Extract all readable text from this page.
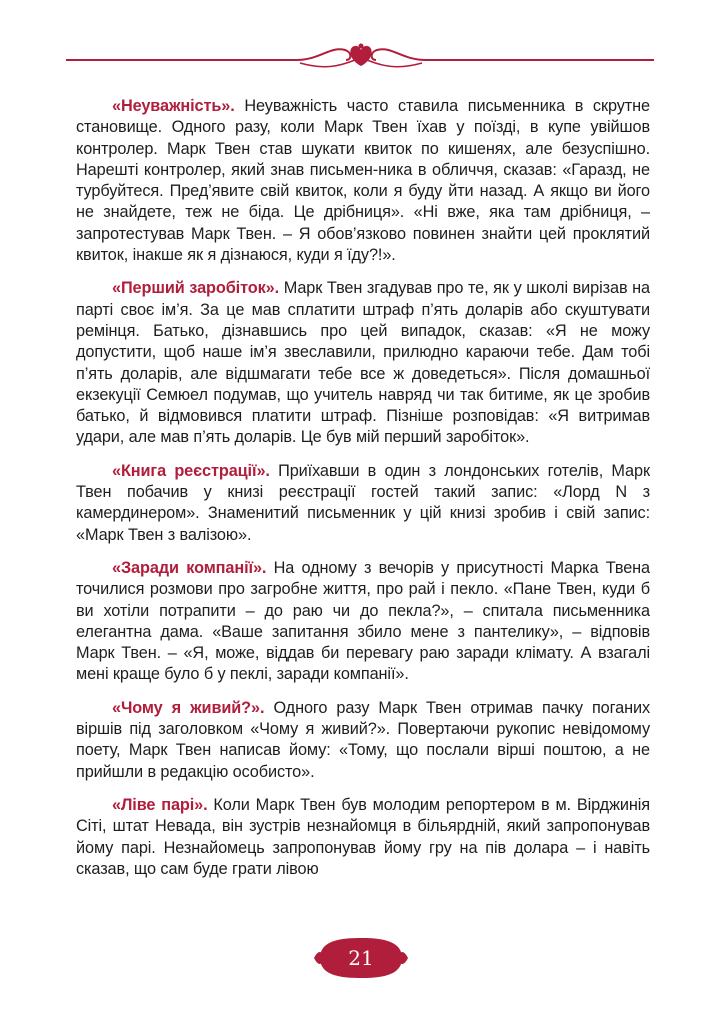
«Неуважність». Неуважність часто ставила письменника в скрутне становище. Одного разу, коли Марк Твен їхав у поїзді, в купе увійшов контролер. Марк Твен став шукати квиток по кишенях, але безуспішно. Нарешті контролер, який знав письмен-ника в обличчя, сказав: «Гаразд, не турбуйтеся. Пред’явите свій квиток, коли я буду йти назад. А якщо ви його не знайдете, теж не біда. Це дрібниця». «Ні вже, яка там дрібниця, – запротестував Марк Твен. – Я обов’язково повинен знайти цей проклятий квиток, інакше як я дізнаюся, куди я їду?!».

«Перший заробіток». Марк Твен згадував про те, як у школі вирізав на парті своє ім’я. За це мав сплатити штраф п’ять доларів або скуштувати ремінця. Батько, дізнавшись про цей випадок, сказав: «Я не можу допустити, щоб наше ім’я звеславили, прилюдно караючи тебе. Дам тобі п’ять доларів, але відшмагати тебе все ж доведеться». Після домашньої екзекуції Семюел подумав, що учитель навряд чи так битиме, як це зробив батько, й відмовився платити штраф. Пізніше розповідав: «Я витримав удари, але мав п’ять доларів. Це був мій перший заробіток».

«Книга реєстрації». Приїхавши в один з лондонських готелів, Марк Твен побачив у книзі реєстрації гостей такий запис: «Лорд N з камердинером». Знаменитий письменник у цій книзі зробив і свій запис: «Марк Твен з валізою».

«Заради компанії». На одному з вечорів у присутності Марка Твена точилися розмови про загробне життя, про рай і пекло. «Пане Твен, куди б ви хотіли потрапити – до раю чи до пекла?», – спитала письменника елегантна дама. «Ваше запитання збило мене з пантелику», – відповів Марк Твен. – «Я, може, віддав би перевагу раю заради клімату. А взагалі мені краще було б у пеклі, заради компанії».

«Чому я живий?». Одного разу Марк Твен отримав пачку поганих віршів під заголовком «Чому я живий?». Повертаючи рукопис невідомому поету, Марк Твен написав йому: «Тому, що послали вірші поштою, а не прийшли в редакцію особисто».

«Ліве парі». Коли Марк Твен був молодим репортером в м. Вірджинія Сіті, штат Невада, він зустрів незнайомця в більярдній, який запропонував йому парі. Незнайомець запропонував йому гру на пів долара – і навіть сказав, що сам буде грати лівою

21
